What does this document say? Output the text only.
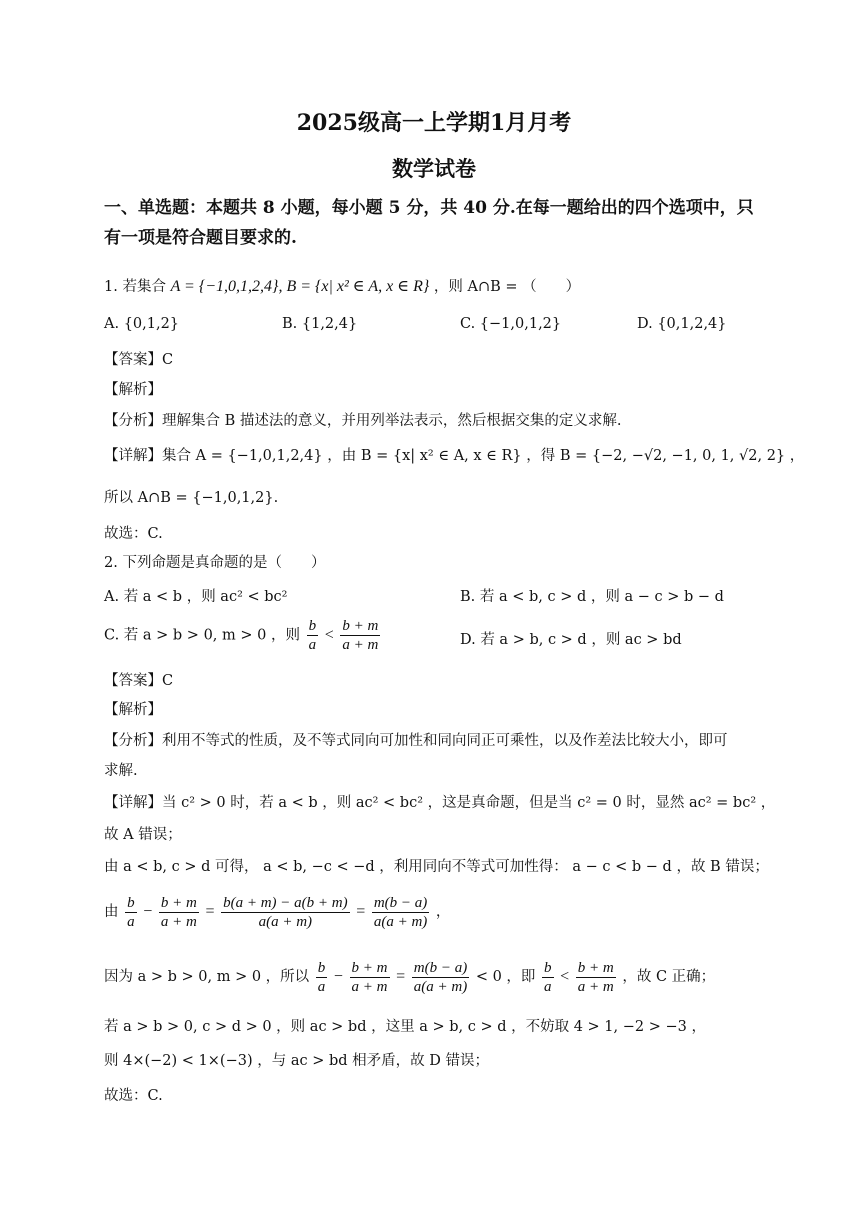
2025级高一上学期1月月考
数学试卷
一、单选题：本题共 8 小题，每小题 5 分，共 40 分.在每一题给出的四个选项中，只
有一项是符合题目要求的.
1. 若集合 A = {−1,0,1,2,4}, B = {x| x² ∈ A, x ∈ R} ，则 A∩B = （　　）
A. {0,1,2}	B. {1,2,4}	C. {−1,0,1,2}	D. {0,1,2,4}
【答案】C
【解析】
【分析】理解集合 B 描述法的意义，并用列举法表示，然后根据交集的定义求解.
【详解】集合 A = {−1,0,1,2,4} ，由 B = {x| x² ∈ A, x ∈ R} ，得 B = {−2, −√2, −1, 0, 1, √2, 2} ，
所以 A∩B = {−1,0,1,2}.
故选：C.
2. 下列命题是真命题的是（　　）
A. 若 a < b ，则 ac² < bc²	B. 若 a < b, c > d ，则 a − c > b − d
C. 若 a > b > 0, m > 0 ，则 $\frac{b}{a} < \frac{b + m}{a + m}$	D. 若 a > b, c > d ，则 ac > bd
【答案】C
【解析】
【分析】利用不等式的性质，及不等式同向可加性和同向同正可乘性，以及作差法比较大小，即可
求解.
【详解】当 c² > 0 时，若 a < b ，则 ac² < bc² ，这是真命题，但是当 c² = 0 时，显然 ac² = bc² ，
故 A 错误；
由 a < b, c > d 可得， a < b, −c < −d ，利用同向不等式可加性得： a − c < b − d ，故 B 错误；
由 $\frac{b}{a} - \frac{b + m}{a + m} = \frac{b(a + m) - a(b + m)}{a(a + m)} = \frac{m(b - a)}{a(a + m)}$ ，
因为 a > b > 0, m > 0 ，所以 $\frac{b}{a} - \frac{b + m}{a + m} = \frac{m(b - a)}{a(a + m)} < 0$ ，即 $\frac{b}{a} < \frac{b + m}{a + m}$ ，故 C 正确；
若 a > b > 0, c > d > 0 ，则 ac > bd ，这里 a > b, c > d ，不妨取 4 > 1, −2 > −3 ，
则 4×(−2) < 1×(−3) ，与 ac > bd 相矛盾，故 D 错误；
故选：C.
